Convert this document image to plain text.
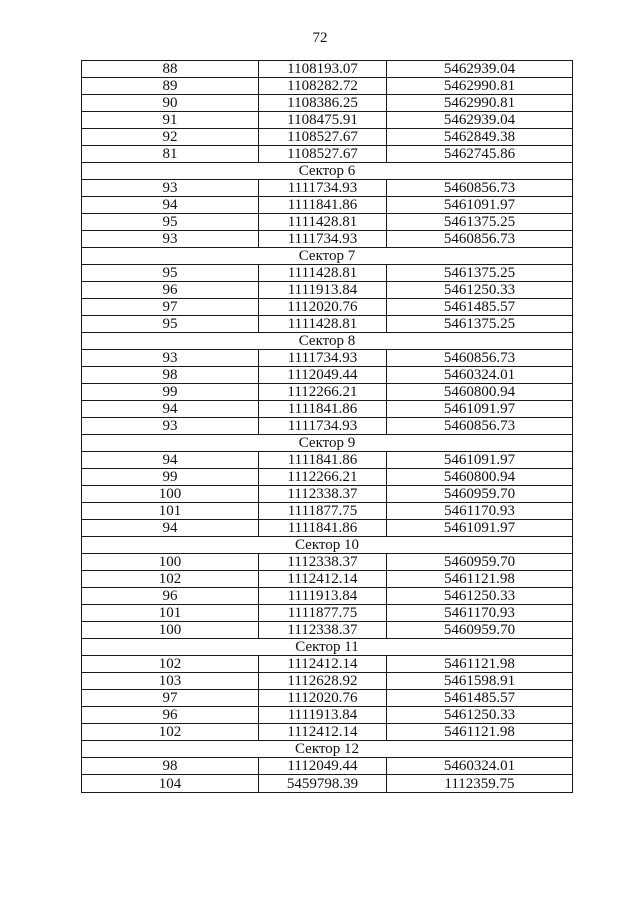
72
88	1108193.07	5462939.04
89	1108282.72	5462990.81
90	1108386.25	5462990.81
91	1108475.91	5462939.04
92	1108527.67	5462849.38
81	1108527.67	5462745.86
Сектор 6		
93	1111734.93	5460856.73
94	1111841.86	5461091.97
95	1111428.81	5461375.25
93	1111734.93	5460856.73
Сектор 7		
95	1111428.81	5461375.25
96	1111913.84	5461250.33
97	1112020.76	5461485.57
95	1111428.81	5461375.25
Сектор 8		
93	1111734.93	5460856.73
98	1112049.44	5460324.01
99	1112266.21	5460800.94
94	1111841.86	5461091.97
93	1111734.93	5460856.73
Сектор 9		
94	1111841.86	5461091.97
99	1112266.21	5460800.94
100	1112338.37	5460959.70
101	1111877.75	5461170.93
94	1111841.86	5461091.97
Сектор 10		
100	1112338.37	5460959.70
102	1112412.14	5461121.98
96	1111913.84	5461250.33
101	1111877.75	5461170.93
100	1112338.37	5460959.70
Сектор 11		
102	1112412.14	5461121.98
103	1112628.92	5461598.91
97	1112020.76	5461485.57
96	1111913.84	5461250.33
102	1112412.14	5461121.98
Сектор 12		
98	1112049.44	5460324.01
104	5459798.39	1112359.75
